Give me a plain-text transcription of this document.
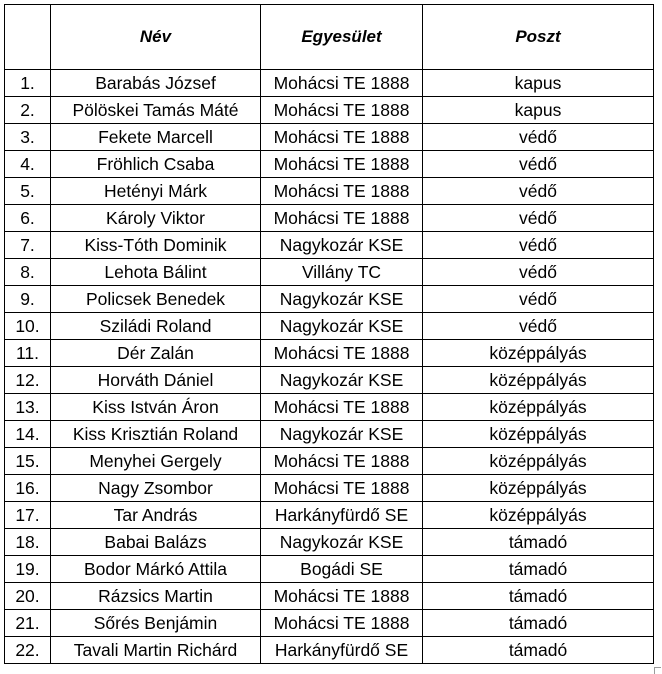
	Név	Egyesület	Poszt
1.	Barabás József	Mohácsi TE 1888	kapus
2.	Pölöskei Tamás Máté	Mohácsi TE 1888	kapus
3.	Fekete Marcell	Mohácsi TE 1888	védő
4.	Fröhlich Csaba	Mohácsi TE 1888	védő
5.	Hetényi Márk	Mohácsi TE 1888	védő
6.	Károly Viktor	Mohácsi TE 1888	védő
7.	Kiss-Tóth Dominik	Nagykozár KSE	védő
8.	Lehota Bálint	Villány TC	védő
9.	Policsek Benedek	Nagykozár KSE	védő
10.	Sziládi Roland	Nagykozár KSE	védő
11.	Dér Zalán	Mohácsi TE 1888	középpályás
12.	Horváth Dániel	Nagykozár KSE	középpályás
13.	Kiss István Áron	Mohácsi TE 1888	középpályás
14.	Kiss Krisztián Roland	Nagykozár KSE	középpályás
15.	Menyhei Gergely	Mohácsi TE 1888	középpályás
16.	Nagy Zsombor	Mohácsi TE 1888	középpályás
17.	Tar András	Harkányfürdő SE	középpályás
18.	Babai Balázs	Nagykozár KSE	támadó
19.	Bodor Márkó Attila	Bogádi SE	támadó
20.	Rázsics Martin	Mohácsi TE 1888	támadó
21.	Sőrés Benjámin	Mohácsi TE 1888	támadó
22.	Tavali Martin Richárd	Harkányfürdő SE	támadó
